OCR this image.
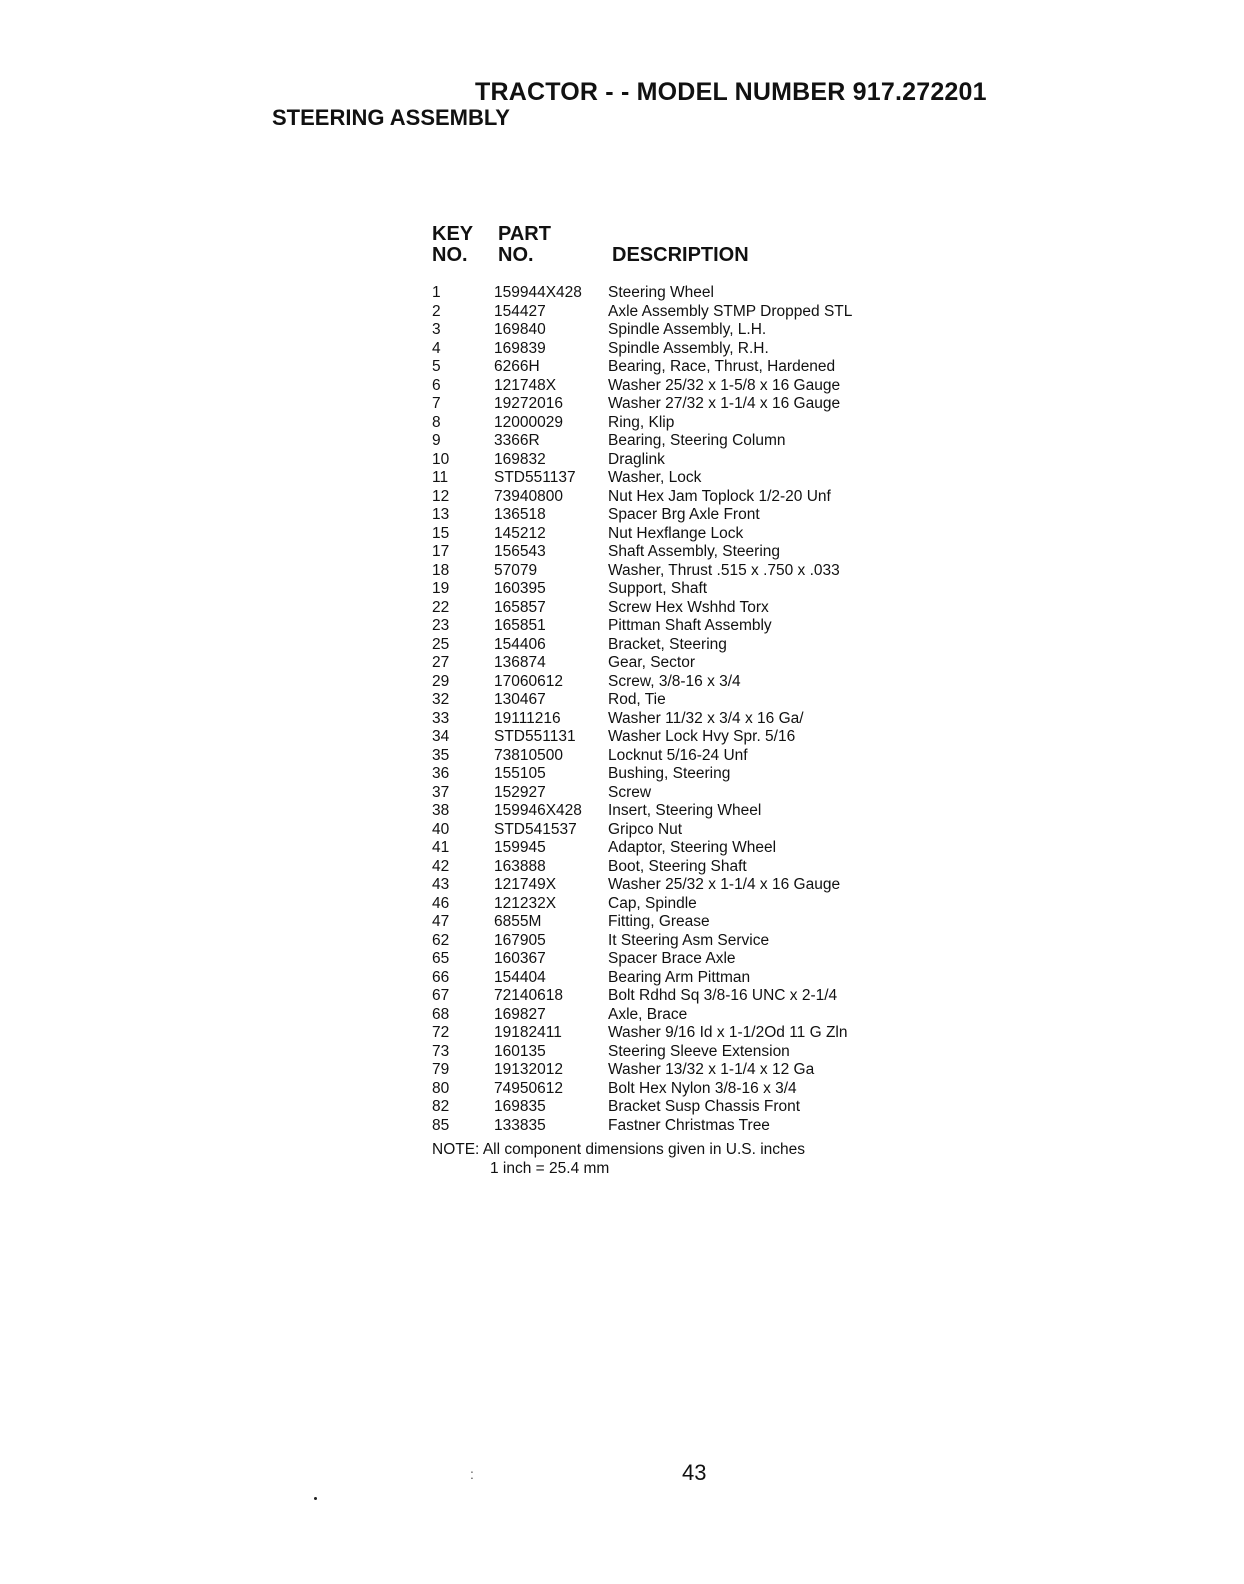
TRACTOR - - MODEL NUMBER 917.272201
STEERING ASSEMBLY
KEY
NO.
PART
NO.	DESCRIPTION
1	159944X428 Steering Wheel
2	154427	Axle Assembly STMP Dropped STL
3	169840	Spindle Assembly, L.H.
4	169839	Spindle Assembly, R.H.
5	6266H	Bearing, Race, Thrust, Hardened
6	121748X	Washer 25/32 x 1-5/8 x 16 Gauge
7	19272016	Washer 27/32 x 1-1/4 x 16 Gauge
8	12000029	Ring, Klip
9	3366R	Bearing, Steering Column
10	169832	Draglink
11	STD551137 Washer, Lock
12	73940800	Nut Hex Jam Toplock 1/2-20 Unf
13	136518	Spacer Brg Axle Front
15	145212	Nut Hexflange Lock
17	156543	Shaft Assembly, Steering
18	57079	Washer, Thrust .515 x .750 x .033
19	160395	Support, Shaft
22	165857	Screw Hex Wshhd Torx
23	165851	Pittman Shaft Assembly
25	154406	Bracket, Steering
27	136874	Gear, Sector
29	17060612	Screw, 3/8-16 x 3/4
32	130467	Rod, Tie
33	19111216	Washer 11/32 x 3/4 x 16 Ga/
34	STD551131 Washer Lock Hvy Spr. 5/16
35	73810500	Locknut 5/16-24 Unf
36	155105	Bushing, Steering
37	152927	Screw
38	159946X428 Insert, Steering Wheel
40	STD541537 Gripco Nut
41	159945	Adaptor, Steering Wheel
42	163888	Boot, Steering Shaft
43	121749X	Washer 25/32 x 1-1/4 x 16 Gauge
46	121232X	Cap, Spindle
47	6855M	Fitting, Grease
62	167905	It Steering Asm Service
65	160367	Spacer Brace Axle
66	154404	Bearing Arm Pittman
67	72140618	Bolt Rdhd Sq 3/8-16 UNC x 2-1/4
68	169827	Axle, Brace
72	19182411	Washer 9/16 Id x 1-1/2Od 11 G Zln
73	160135	Steering Sleeve Extension
79	19132012	Washer 13/32 x 1-1/4 x 12 Ga
80	74950612	Bolt Hex Nylon 3/8-16 x 3/4
82	169835	Bracket Susp Chassis Front
85	133835	Fastner Christmas Tree
NOTE: All component dimensions given in U.S. inches
1 inch = 25.4 mm
:	43
